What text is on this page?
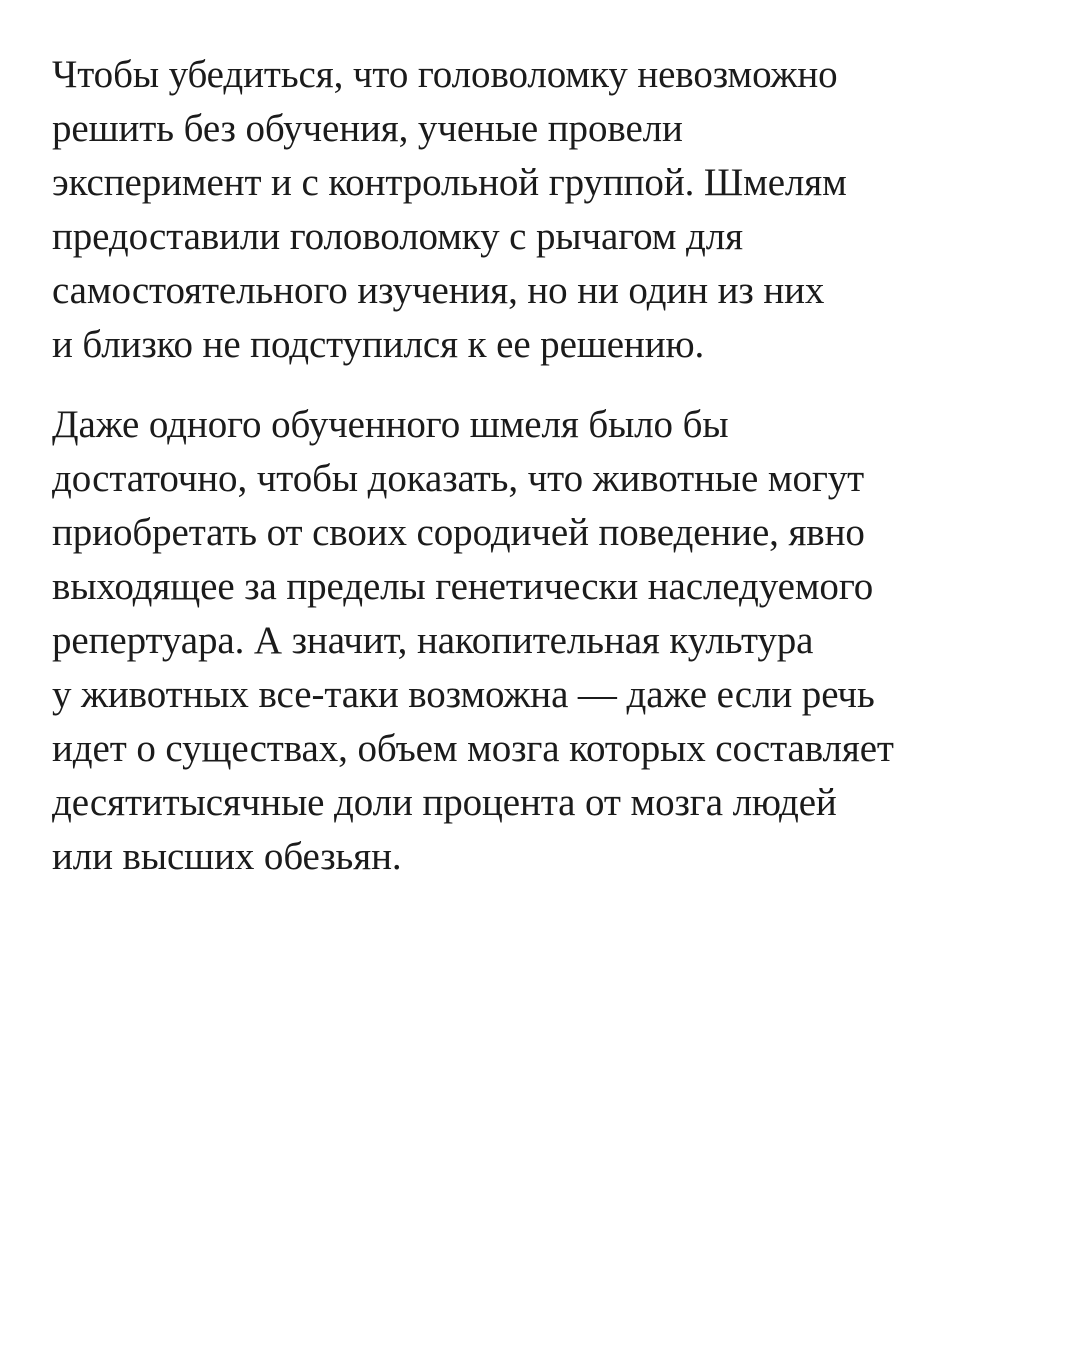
Чтобы убедиться, что головоломку невозможно
решить без обучения, ученые провели
эксперимент и с контрольной группой. Шмелям
предоставили головоломку с рычагом для
самостоятельного изучения, но ни один из них
и близко не подступился к ее решению.

Даже одного обученного шмеля было бы
достаточно, чтобы доказать, что животные могут
приобретать от своих сородичей поведение, явно
выходящее за пределы генетически наследуемого
репертуара. А значит, накопительная культура
у животных все-таки возможна — даже если речь
идет о существах, объем мозга которых составляет
десятитысячные доли процента от мозга людей
или высших обезьян.
